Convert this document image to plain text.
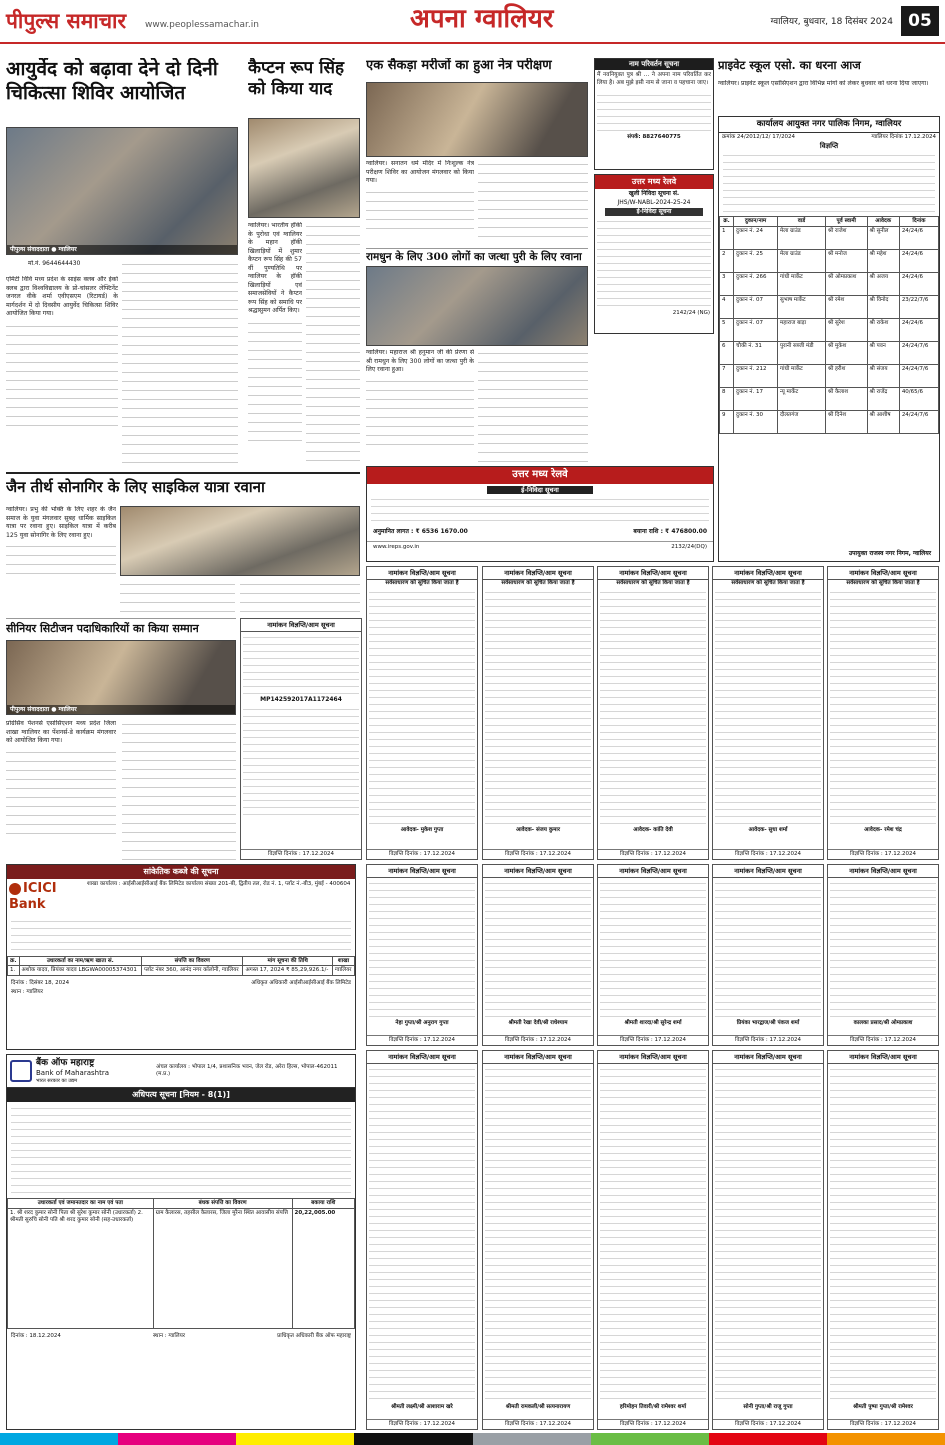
पीपुल्स समाचार www.peoplessamachar.in	अपना ग्वालियर	ग्वालियर, बुधवार, 18 दिसंबर 2024 05
आयुर्वेद को बढ़ावा देने दो दिनी चिकित्सा शिविर आयोजित
पीपुल्स संवाददाता ● ग्वालियर
मो.नं. 9644644430
एमिटी विवि मध्य प्रदेश के साइंस क्लब और ईको क्लब द्वारा विश्वविद्यालय के प्रो-चांसलर लेफ्टिनेंट जनरल वीके शर्मा एवीएसएम (रिटायर्ड) के मार्गदर्शन में दो दिवसीय आयुर्वेद चिकित्सा शिविर आयोजित किया गया।
कैप्टन रूप सिंह को किया याद
ग्वालियर। भारतीय हॉकी के पुरोधा एवं ग्वालियर के महान हॉकी खिलाड़ियों में शुमार कैप्टन रूप सिंह की 57 वीं पुण्यतिथि पर ग्वालियर के हॉकी खिलाड़ियों एवं समाजसेवियों ने कैप्टन रूप सिंह को समाधि पर श्रद्धासुमन अर्पित किए।
एक सैकड़ा मरीजों का हुआ नेत्र परीक्षण
ग्वालियर। सनातन धर्म मंदिर में निःशुल्क नेत्र परीक्षण शिविर का आयोजन मंगलवार को किया गया।
रामधुन के लिए 300 लोगों का जत्था पुरी के लिए रवाना
ग्वालियर। महाराज श्री हनुमान जी की प्रेरणा से श्री रामधुन के लिए 300 लोगों का जत्था पुरी के लिए रवाना हुआ।
जैन तीर्थ सोनागिर के लिए साइकिल यात्रा रवाना
ग्वालियर। प्रभु की भक्ति के लिए शहर के जैन समाज के युवा मंगलवार सुबह धार्मिक साइकिल यात्रा पर रवाना हुए। साइकिल यात्रा में करीब 125 युवा सोनागिर के लिए रवाना हुए।
सीनियर सिटीजन पदाधिकारियों का किया सम्मान
पीपुल्स संवाददाता ● ग्वालियर
प्रोग्रेसिव पेंशनर्स एसोसिएशन मध्य प्रदेश जिला शाखा ग्वालियर का पेंशनर्स-डे कार्यक्रम मंगलवार को आयोजित किया गया।
नामांकन विज्ञप्ति/आम सूचना
MP142592017A1172464
विज्ञप्ति दिनांक : 17.12.2024
नाम परिवर्तन सूचना
मैं नवनियुक्त पुत्र श्री ... ने अपना नाम परिवर्तित कर लिया है। अब मुझे इसी नाम से जाना व पहचाना जाए।
संपर्क: 8827640775
उत्तर मध्य रेलवे
खुली निविदा सूचना सं.
JHS/W-NABL-2024-25-24
ई-निविदा सूचना
2142/24 (NG)
उत्तर मध्य रेलवे
ई-निविदा सूचना
अनुमानित लागत : ₹ 6536 1670.00	बयाना राशि : ₹ 476800.00
www.ireps.gov.in	2132/24(DQ)
प्राइवेट स्कूल एसो. का धरना आज
ग्वालियर। प्राइवेट स्कूल एसोसिएशन द्वारा विभिन्न मांगों को लेकर बुधवार को धरना दिया जाएगा।
कार्यालय आयुक्त नगर पालिक निगम, ग्वालियर
क्रमांक 24/2012/12/ 17/2024	ग्वालियर दिनांक 17.12.2024
विज्ञप्ति
क्र.	दुकान/नाम	वार्ड	पूर्व स्वामी	आवेदक	दिनांक
1	दुकान नं. 24	मेला ग्राउंड	श्री राजेश	श्री सुनील	24/24/6
2	दुकान नं. 25	मेला ग्राउंड	श्री मनोज	श्री महेश	24/24/6
3	दुकान नं. 266	गांधी मार्केट	श्री ओमप्रकाश	श्री अजय	24/24/6
4	दुकान नं. 07	सुभाष मार्केट	श्री रमेश	श्री विनोद	23/22/7/6
5	दुकान नं. 07	महाराज बाड़ा	श्री सुरेश	श्री राकेश	24/24/6
6	चौकी नं. 31	पुरानी सब्जी मंडी	श्री मुकेश	श्री पवन	24/24/7/6
7	दुकान नं. 212	गांधी मार्केट	श्री हरीश	श्री संजय	24/24/7/6
8	दुकान नं. 17	न्यू मार्केट	श्री कैलाश	श्री राजेंद्र	40/65/6
9	दुकान नं. 30	दौलतगंज	श्री दिनेश	श्री आशीष	24/24/7/6
उपायुक्त राजस्व नगर निगम, ग्वालियर
नामांकन विज्ञप्ति/आम सूचना
सर्वसाधारण को सूचित किया जाता है
आवेदक- मुकेश गुप्ता
विज्ञप्ति दिनांक : 17.12.2024
नामांकन विज्ञप्ति/आम सूचना
सर्वसाधारण को सूचित किया जाता है
आवेदक- संजय कुमार
विज्ञप्ति दिनांक : 17.12.2024
नामांकन विज्ञप्ति/आम सूचना
सर्वसाधारण को सूचित किया जाता है
आवेदक- कांति देवी
विज्ञप्ति दिनांक : 17.12.2024
नामांकन विज्ञप्ति/आम सूचना
सर्वसाधारण को सूचित किया जाता है
आवेदक- सुधा शर्मा
विज्ञप्ति दिनांक : 17.12.2024
नामांकन विज्ञप्ति/आम सूचना
सर्वसाधारण को सूचित किया जाता है
आवेदक- रमेश चंद्र
विज्ञप्ति दिनांक : 17.12.2024
नामांकन विज्ञप्ति/आम सूचना
नेहा गुप्ता/श्री अनुराग गुप्ता
विज्ञप्ति दिनांक : 17.12.2024
नामांकन विज्ञप्ति/आम सूचना
श्रीमती रेखा देवी/श्री राधेश्याम
विज्ञप्ति दिनांक : 17.12.2024
नामांकन विज्ञप्ति/आम सूचना
श्रीमती शारदा/श्री सुरेन्द्र शर्मा
विज्ञप्ति दिनांक : 17.12.2024
नामांकन विज्ञप्ति/आम सूचना
प्रियंका भारद्वाज/श्री पंकज शर्मा
विज्ञप्ति दिनांक : 17.12.2024
नामांकन विज्ञप्ति/आम सूचना
कालका प्रसाद/श्री ओमप्रकाश
विज्ञप्ति दिनांक : 17.12.2024
नामांकन विज्ञप्ति/आम सूचना
श्रीमती लक्ष्मी/श्री आशाराम खरे
विज्ञप्ति दिनांक : 17.12.2024
नामांकन विज्ञप्ति/आम सूचना
श्रीमती रामकली/श्री सत्यनारायण
विज्ञप्ति दिनांक : 17.12.2024
नामांकन विज्ञप्ति/आम सूचना
हरिमोहन तिवारी/श्री रामेश्वर शर्मा
विज्ञप्ति दिनांक : 17.12.2024
नामांकन विज्ञप्ति/आम सूचना
सोनी गुप्ता/श्री राजू गुप्ता
विज्ञप्ति दिनांक : 17.12.2024
नामांकन विज्ञप्ति/आम सूचना
श्रीमती पुष्पा गुप्ता/श्री रामेश्वर
विज्ञप्ति दिनांक : 17.12.2024
सांकेतिक कब्जे की सूचना
ICICI Bank
शाखा कार्यालय : आईसीआईसीआई बैंक लिमिटेड कार्यालय संख्या 201-बी, द्वितीय तल, रोड नं. 1, प्लॉट नं.-बी3, मुंबई - 400604
क्र.	उधारकर्ता का नाम/ऋण खाता सं.	संपत्ति का विवरण	मांग सूचना की तिथि	शाखा
1.	अशोक यादव, प्रियंका यादव LBGWA00005374301	प्लॉट नंबर 360, आनंद नगर कॉलोनी, ग्वालियर	अगस्त 17, 2024 ₹ 85,29,926.1/-	ग्वालियर
दिनांक : दिसंबर 18, 2024	अधिकृत अधिकारी आईसीआईसीआई बैंक लिमिटेड
स्थान : ग्वालियर
बैंक ऑफ महाराष्ट्र
Bank of Maharashtra
भारत सरकार का उद्यम
अंचल कार्यालय : भोपाल 1/4, प्रशासनिक भवन, जेल रोड, अरेरा हिल्स, भोपाल-462011 (म.प्र.)
अधिपत्य सूचना [नियम - 8(1)]
उधारकर्ता एवं जमानतदार का नाम एवं पता	बंधक संपत्ति का विवरण	बकाया राशि
1. श्री शरद कुमार सोनी पिता श्री सुरेश कुमार सोनी (उधारकर्ता) 2. श्रीमती सुरुचि सोनी पति श्री शरद कुमार सोनी (सह-उधारकर्ता)	ग्राम कैलारस, तहसील कैलारस, जिला मुरैना स्थित आवासीय संपत्ति	20,22,005.00
दिनांक : 18.12.2024	स्थान : ग्वालियर	प्राधिकृत अधिकारी बैंक ऑफ महाराष्ट्र
